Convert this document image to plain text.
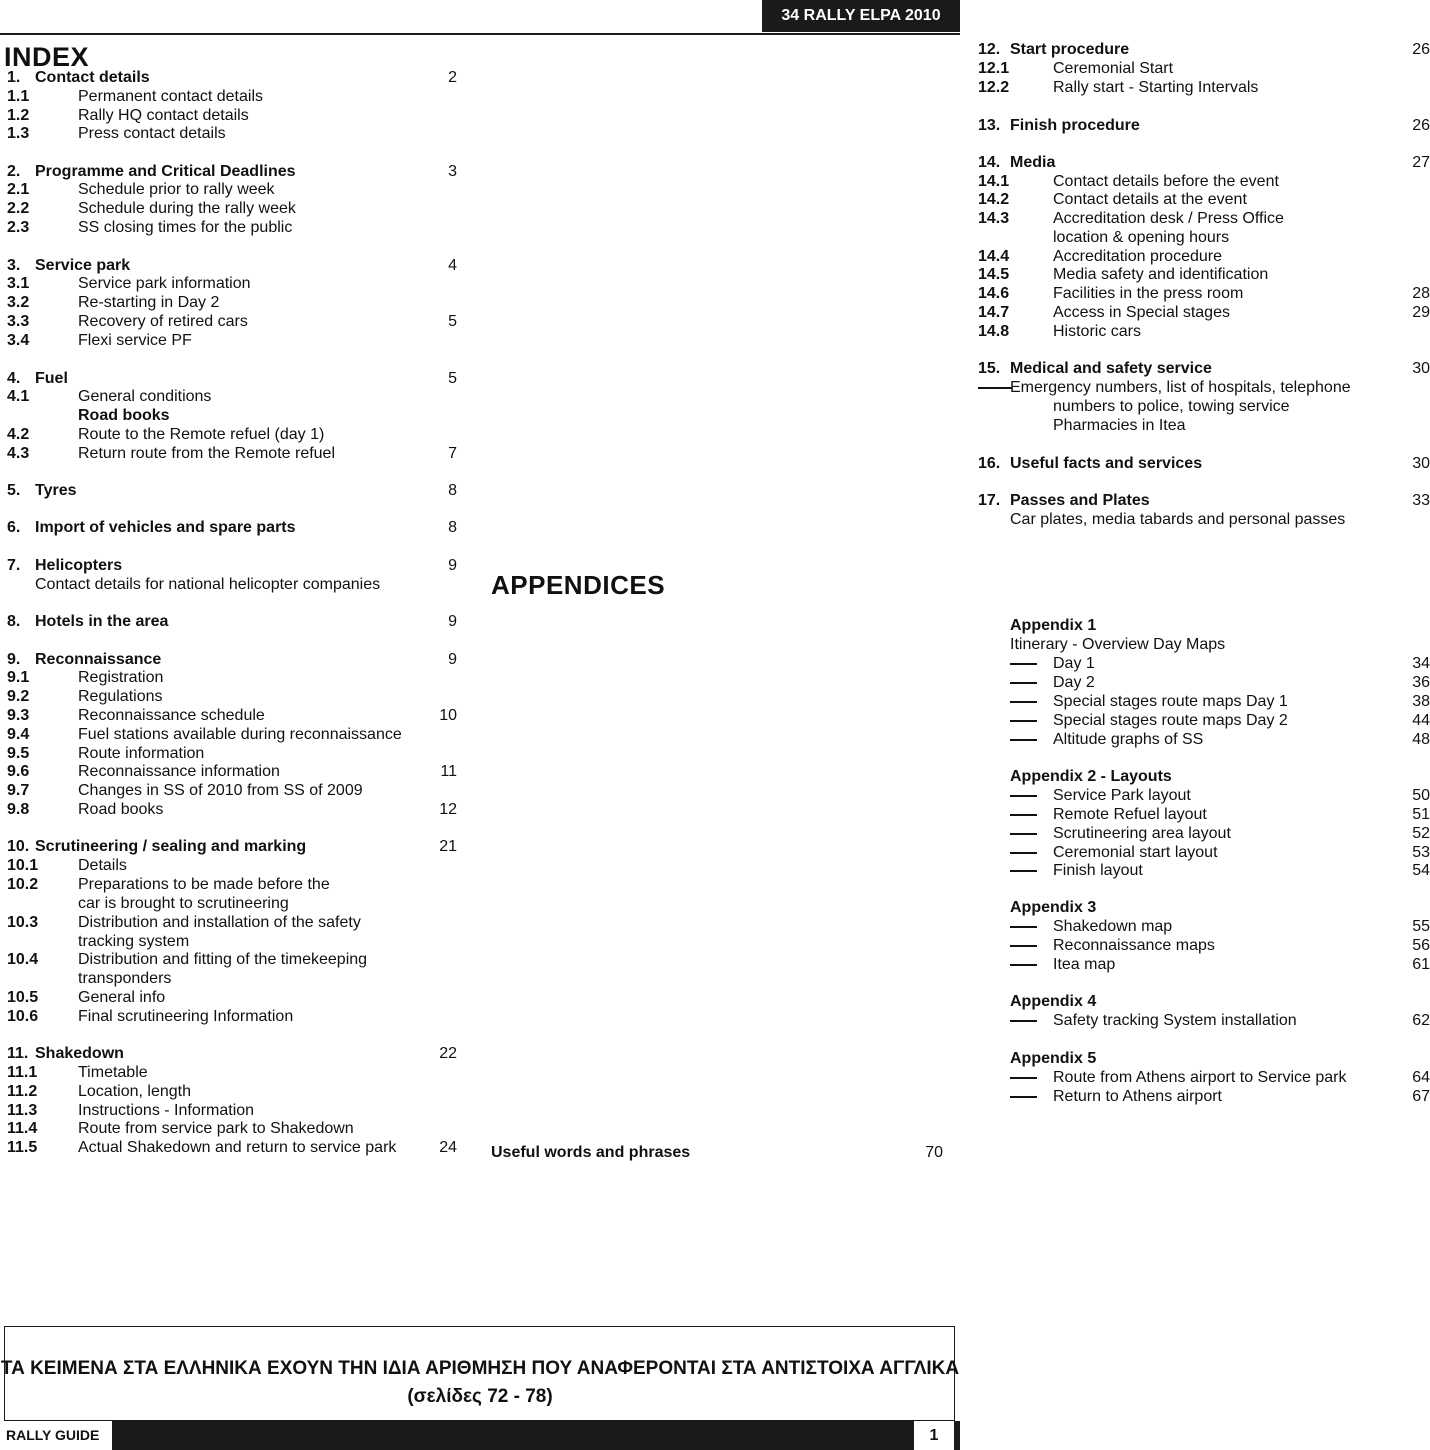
34 RALLY ELPA 2010
INDEX
1. Contact details	2
1.1	Permanent contact details
1.2	Rally HQ contact details
1.3	Press contact details
2. Programme and Critical Deadlines	3
2.1	Schedule prior to rally week
2.2	Schedule during the rally week
2.3	SS closing times for the public
3. Service park	4
3.1	Service park information
3.2	Re-starting in Day 2
3.3	Recovery of retired cars	5
3.4	Flexi service PF
4. Fuel	5
4.1	General conditions
Road books
4.2	Route to the Remote refuel (day 1)
4.3	Return route from the Remote refuel	7
5. Tyres	8
6. Import of vehicles and spare parts	8
7. Helicopters	9
Contact details for national helicopter companies
8. Hotels in the area	9
9. Reconnaissance	9
9.1	Registration
9.2	Regulations
9.3	Reconnaissance schedule	10
9.4	Fuel stations available during reconnaissance
9.5	Route information
9.6	Reconnaissance information	11
9.7	Changes in SS of 2010 from SS of 2009
9.8	Road books	12
10. Scrutineering / sealing and marking	21
10.1 Details
10.2 Preparations to be made before the
car is brought to scrutineering
10.3 Distribution and installation of the safety
tracking system
10.4 Distribution and fitting of the timekeeping
transponders
10.5 General info
10.6 Final scrutineering Information
11. Shakedown	22
11.1	Timetable
11.2	Location, length
11.3	Instructions - Information
11.4	Route from service park to Shakedown
11.5	Actual Shakedown and return to service park	24
12. Start procedure	26
12.1	Ceremonial Start
12.2	Rally start - Starting Intervals
13. Finish procedure	26
14. Media	27
14.1	Contact details before the event
14.2	Contact details at the event
14.3	Accreditation desk / Press Office
location & opening hours
14.4	Accreditation procedure
14.5	Media safety and identification
14.6	Facilities in the press room	28
14.7	Access in Special stages	29
14.8	Historic cars
15. Medical and safety service	30
Emergency numbers, list of hospitals, telephone
numbers to police, towing service
Pharmacies in Itea
16. Useful facts and services	30
17. Passes and Plates	33
Car plates, media tabards and personal passes
APPENDICES
Appendix 1
Itinerary - Overview Day Maps
Day 1	34
Day 2	36
Special stages route maps Day 1	38
Special stages route maps Day 2	44
Altitude graphs of SS	48
Appendix 2 - Layouts
Service Park layout	50
Remote Refuel layout	51
Scrutineering area layout	52
Ceremonial start layout	53
Finish layout	54
Appendix 3
Shakedown map	55
Reconnaissance maps	56
Itea map	61
Appendix 4
Safety tracking System installation	62
Appendix 5
Route from Athens airport to Service park	64
Return to Athens airport	67
Useful words and phrases	70
ΤΑ ΚΕΙΜΕΝΑ ΣΤΑ ΕΛΛΗΝΙΚΑ ΕΧΟΥΝ ΤΗΝ ΙΔΙΑ ΑΡΙΘΜΗΣΗ ΠΟΥ ΑΝΑΦΕΡΟΝΤΑΙ ΣΤΑ ΑΝΤΙΣΤΟΙΧΑ ΑΓΓΛΙΚΑ
(σελίδες 72 - 78)
RALLY GUIDE	1
